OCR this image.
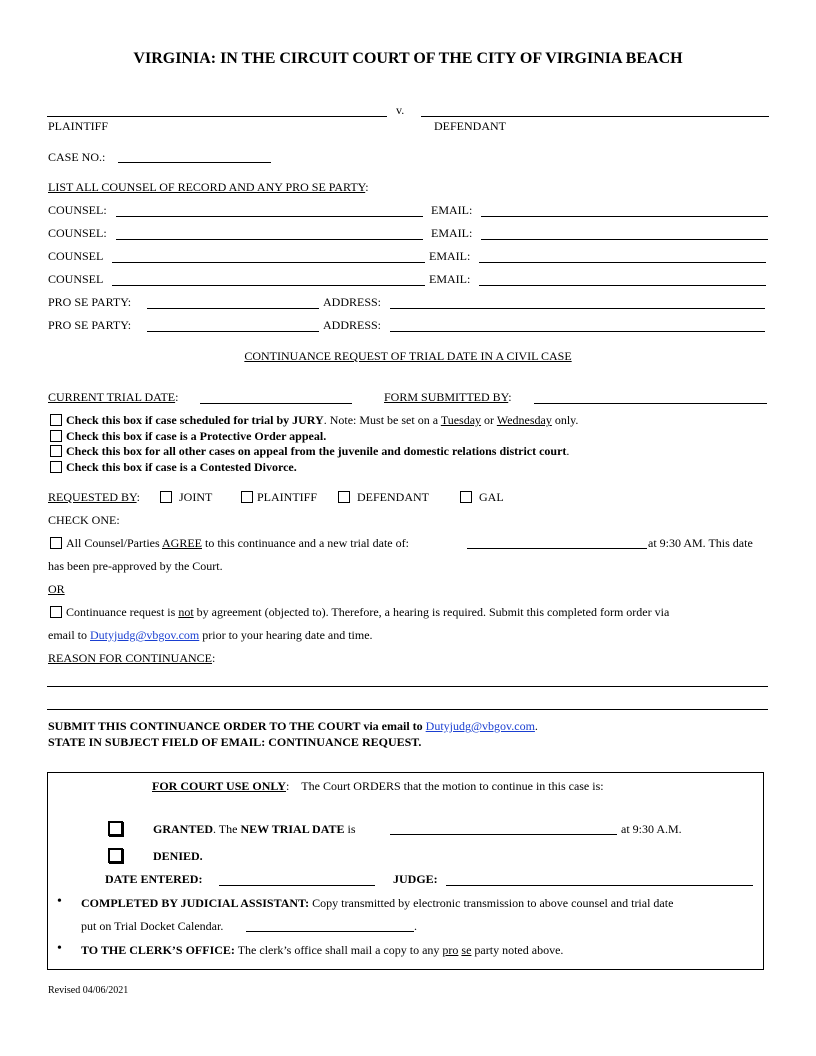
VIRGINIA: IN THE CIRCUIT COURT OF THE CITY OF VIRGINIA BEACH
v.
PLAINTIFF	DEFENDANT
CASE NO.:
LIST ALL COUNSEL OF RECORD AND ANY PRO SE PARTY:
COUNSEL:	EMAIL:
COUNSEL:	EMAIL:
COUNSEL	EMAIL:
COUNSEL	EMAIL:
PRO SE PARTY:	ADDRESS:
PRO SE PARTY:	ADDRESS:
CONTINUANCE REQUEST OF TRIAL DATE IN A CIVIL CASE
CURRENT TRIAL DATE:	FORM SUBMITTED BY:
Check this box if case scheduled for trial by JURY. Note: Must be set on a Tuesday or Wednesday only.
Check this box if case is a Protective Order appeal.
Check this box for all other cases on appeal from the juvenile and domestic relations district court.
Check this box if case is a Contested Divorce.
REQUESTED BY:	JOINT	PLAINTIFF	DEFENDANT	GAL
CHECK ONE:
All Counsel/Parties AGREE to this continuance and a new trial date of:	at 9:30 AM. This date
has been pre-approved by the Court.
OR
Continuance request is not by agreement (objected to). Therefore, a hearing is required. Submit this completed form order via
email to Dutyjudg@vbgov.com prior to your hearing date and time.
REASON FOR CONTINUANCE:
SUBMIT THIS CONTINUANCE ORDER TO THE COURT via email to Dutyjudg@vbgov.com.
STATE IN SUBJECT FIELD OF EMAIL: CONTINUANCE REQUEST.
FOR COURT USE ONLY: The Court ORDERS that the motion to continue in this case is:
GRANTED. The NEW TRIAL DATE is	at 9:30 A.M.
DENIED.
DATE ENTERED:	JUDGE:
• COMPLETED BY JUDICIAL ASSISTANT: Copy transmitted by electronic transmission to above counsel and trial date
put on Trial Docket Calendar.	.
• TO THE CLERK’S OFFICE: The clerk’s office shall mail a copy to any pro se party noted above.
Revised 04/06/2021
